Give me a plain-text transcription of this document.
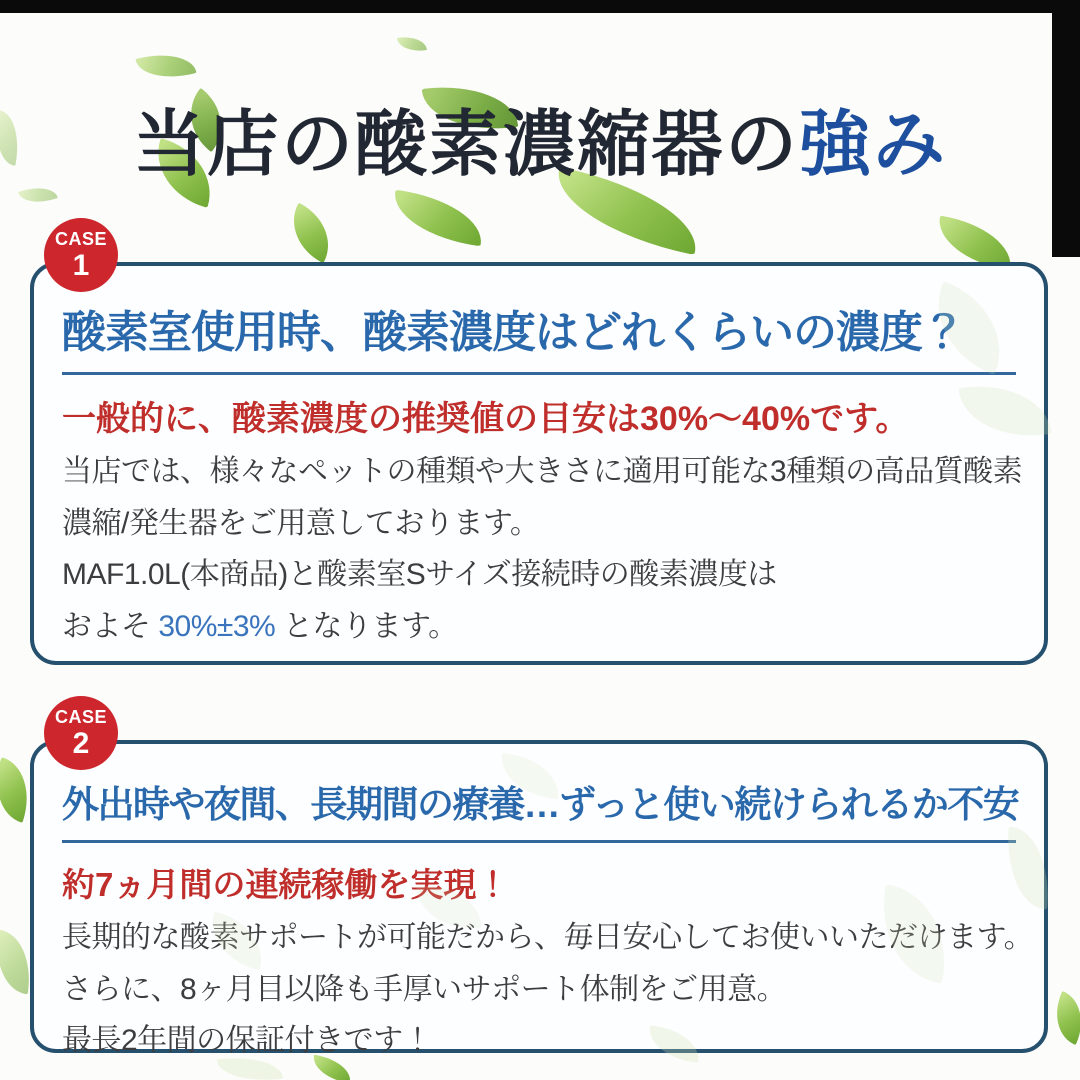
当店の酸素濃縮器の強み
CASE
1

酸素室使用時、酸素濃度はどれくらいの濃度？

一般的に、酸素濃度の推奨値の目安は30%～40%です。
当店では、様々なペットの種類や大きさに適用可能な3種類の高品質酸素
濃縮/発生器をご用意しております。
MAF1.0L(本商品)と酸素室Sサイズ接続時の酸素濃度は
およそ 30%±3% となります。
CASE
2

外出時や夜間、長期間の療養…ずっと使い続けられるか不安

約7ヵ月間の連続稼働を実現！
長期的な酸素サポートが可能だから、毎日安心してお使いいただけます。
さらに、8ヶ月目以降も手厚いサポート体制をご用意。
最長2年間の保証付きです！
